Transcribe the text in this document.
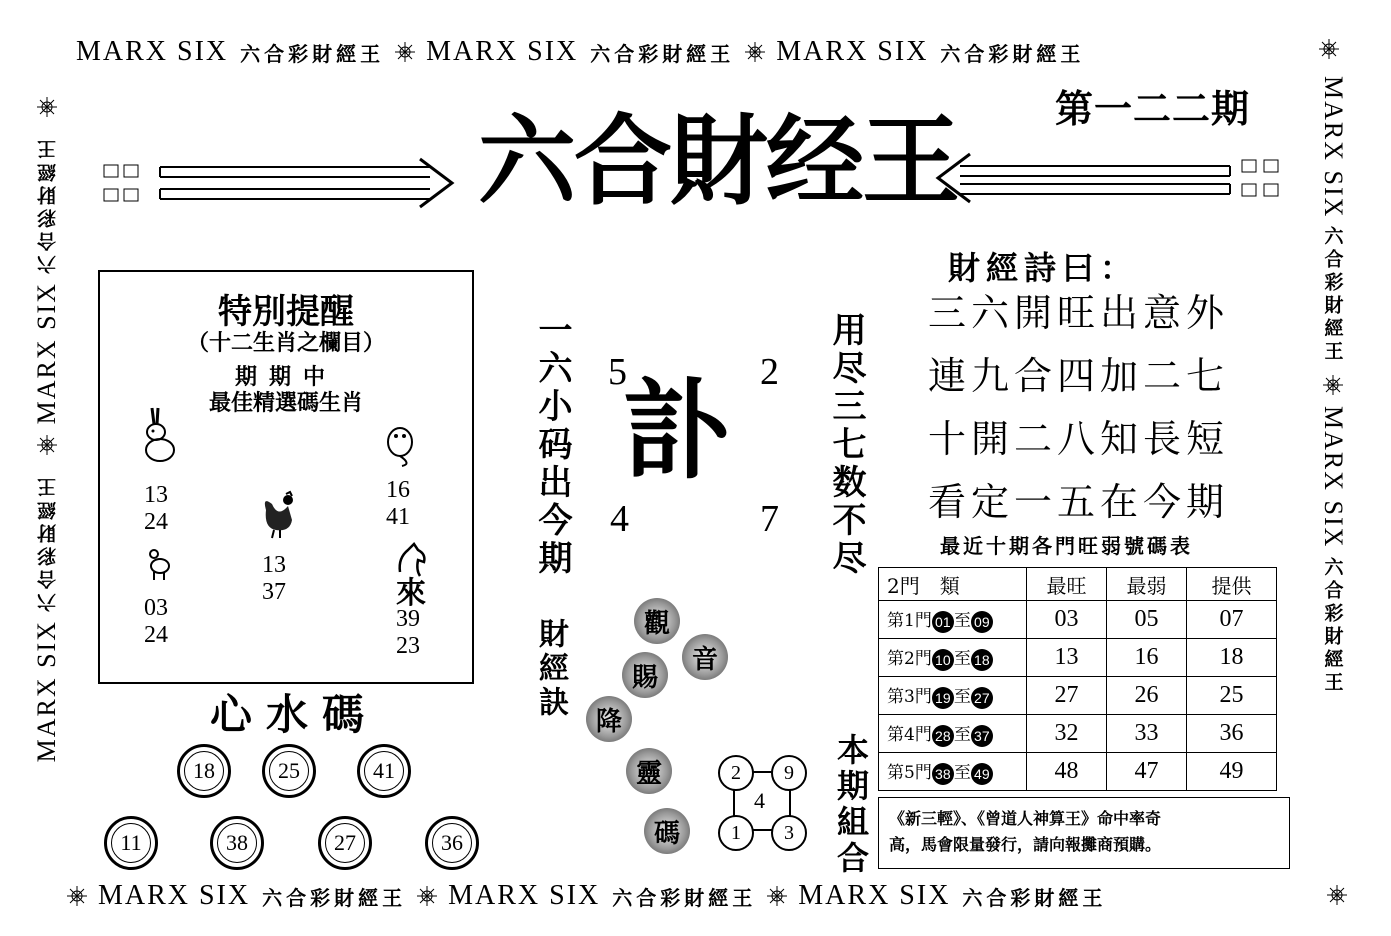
MARX SIX 六合彩財經王 MARX SIX 六合彩財經王 MARX SIX 六合彩財經王
MARX SIX 六合彩財經王 MARX SIX 六合彩財經王 MARX SIX 六合彩財經王
六合彩財經王
MARX SIX
六合彩財經王
MARX SIX
MARX SIX
六合彩財經王
MARX SIX
六合彩財經王
第一二二期
六合財经王
特別提醒
（十二生肖之欄目）
期期中
最佳精選碼生肖
13
24
16
41
13
37
03
24
來
39
23
心水碼
18	25	41
11	38	27	36
一六小码出今期	用尽三七数不尽
5	2
4	7
訃
財經訣	觀
音
賜
降
靈
碼
2	9
4
1	3	本期組合
財經詩曰：
三六開旺出意外
連九合四加二七
十開二八知長短
看定一五在今期
最近十期各門旺弱號碼表
2門　類	最旺	最弱	提供
第1門 01 至 09	03	05	07
第2門 10 至 18	13	16	18
第3門 19 至 27	27	26	25
第4門 28 至 37	32	33	36
第5門 38 至 49	48	47	49
《新三輕》、《曾道人神算王》命中率奇
高，馬會限量發行，請向報攤商預購。
